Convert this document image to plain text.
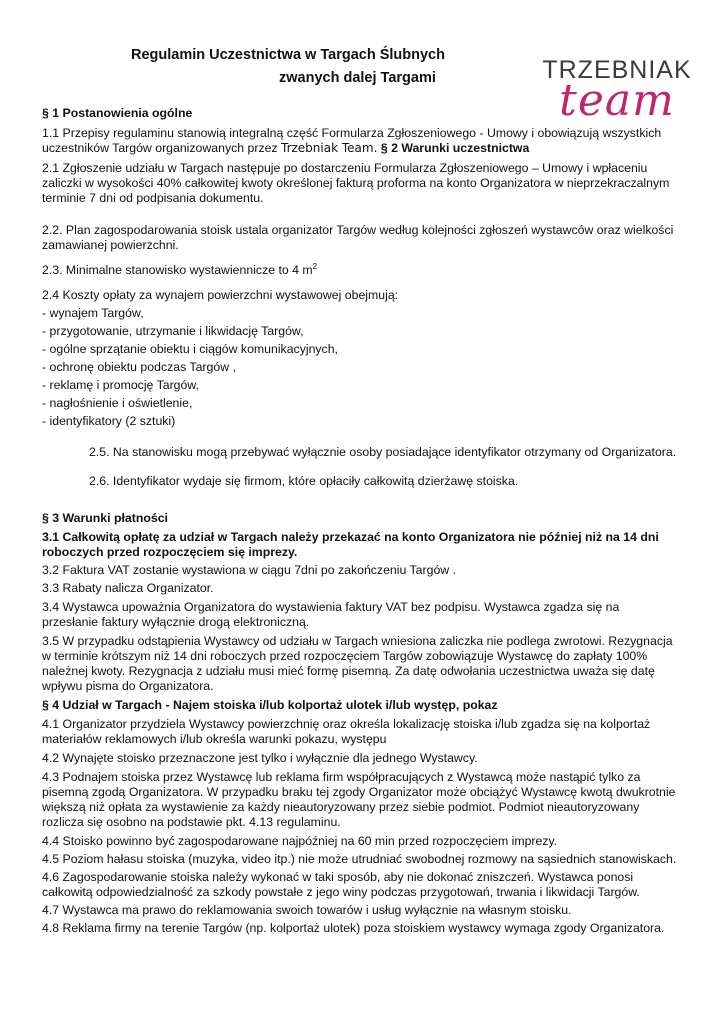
Regulamin Uczestnictwa w Targach Ślubnych
zwanych dalej Targami	TRZEBNIAK
team

§ 1 Postanowienia ogólne

1.1 Przepisy regulaminu stanowią integralną część Formularza Zgłoszeniowego - Umowy i obowiązują wszystkich uczestników Targów organizowanych przez Trzebniak Team. § 2 Warunki uczestnictwa

2.1 Zgłoszenie udziału w Targach następuje po dostarczeniu Formularza Zgłoszeniowego – Umowy i wpłaceniu zaliczki w wysokości 40% całkowitej kwoty określonej fakturą proforma na konto Organizatora w nieprzekraczalnym terminie 7 dni od podpisania dokumentu.

2.2. Plan zagospodarowania stoisk ustala organizator Targów według kolejności zgłoszeń wystawców oraz wielkości zamawianej powierzchni.

2.3. Minimalne stanowisko wystawiennicze to 4 $m^2$

2.4 Koszty opłaty za wynajem powierzchni wystawowej obejmują:

- wynajem Targów,

- przygotowanie, utrzymanie i likwidację Targów,

- ogólne sprzątanie obiektu i ciągów komunikacyjnych,

- ochronę obiektu podczas Targów ,

- reklamę i promocję Targów,

- nagłośnienie i oświetlenie,

- identyfikatory (2 sztuki)

2.5. Na stanowisku mogą przebywać wyłącznie osoby posiadające identyfikator otrzymany od Organizatora.

2.6. Identyfikator wydaje się firmom, które opłaciły całkowitą dzierżawę stoiska.

§ 3 Warunki płatności

3.1 Całkowitą opłatę za udział w Targach należy przekazać na konto Organizatora nie później niż na 14 dni roboczych przed rozpoczęciem się imprezy.

3.2 Faktura VAT zostanie wystawiona w ciągu 7dni po zakończeniu Targów .

3.3 Rabaty nalicza Organizator.

3.4 Wystawca upoważnia Organizatora do wystawienia faktury VAT bez podpisu. Wystawca zgadza się na przesłanie faktury wyłącznie drogą elektroniczną.

3.5 W przypadku odstąpienia Wystawcy od udziału w Targach wniesiona zaliczka nie podlega zwrotowi. Rezygnacja w terminie krótszym niż 14 dni roboczych przed rozpoczęciem Targów zobowiązuje Wystawcę do zapłaty 100% należnej kwoty. Rezygnacja z udziału musi mieć formę pisemną. Za datę odwołania uczestnictwa uważa się datę wpływu pisma do Organizatora.

§ 4 Udział w Targach - Najem stoiska i/lub kolportaż ulotek i/lub występ, pokaz

4.1 Organizator przydziela Wystawcy powierzchnię oraz określa lokalizację stoiska i/lub zgadza się na kolportaż materiałów reklamowych i/lub określa warunki pokazu, występu

4.2 Wynajęte stoisko przeznaczone jest tylko i wyłącznie dla jednego Wystawcy.

4.3 Podnajem stoiska przez Wystawcę lub reklama firm współpracujących z Wystawcą może nastąpić tylko za pisemną zgodą Organizatora. W przypadku braku tej zgody Organizator może obciążyć Wystawcę kwotą dwukrotnie większą niż opłata za wystawienie za każdy nieautoryzowany przez siebie podmiot. Podmiot nieautoryzowany rozlicza się osobno na podstawie pkt. 4.13 regulaminu.

4.4 Stoisko powinno być zagospodarowane najpóźniej na 60 min przed rozpoczęciem imprezy.

4.5 Poziom hałasu stoiska (muzyka, video itp.) nie może utrudniać swobodnej rozmowy na sąsiednich stanowiskach.

4.6 Zagospodarowanie stoiska należy wykonać w taki sposób, aby nie dokonać zniszczeń. Wystawca ponosi całkowitą odpowiedzialność za szkody powstałe z jego winy podczas przygotowań, trwania i likwidacji Targów.

4.7 Wystawca ma prawo do reklamowania swoich towarów i usług wyłącznie na własnym stoisku.

4.8 Reklama firmy na terenie Targów (np. kolportaż ulotek) poza stoiskiem wystawcy wymaga zgody Organizatora.
